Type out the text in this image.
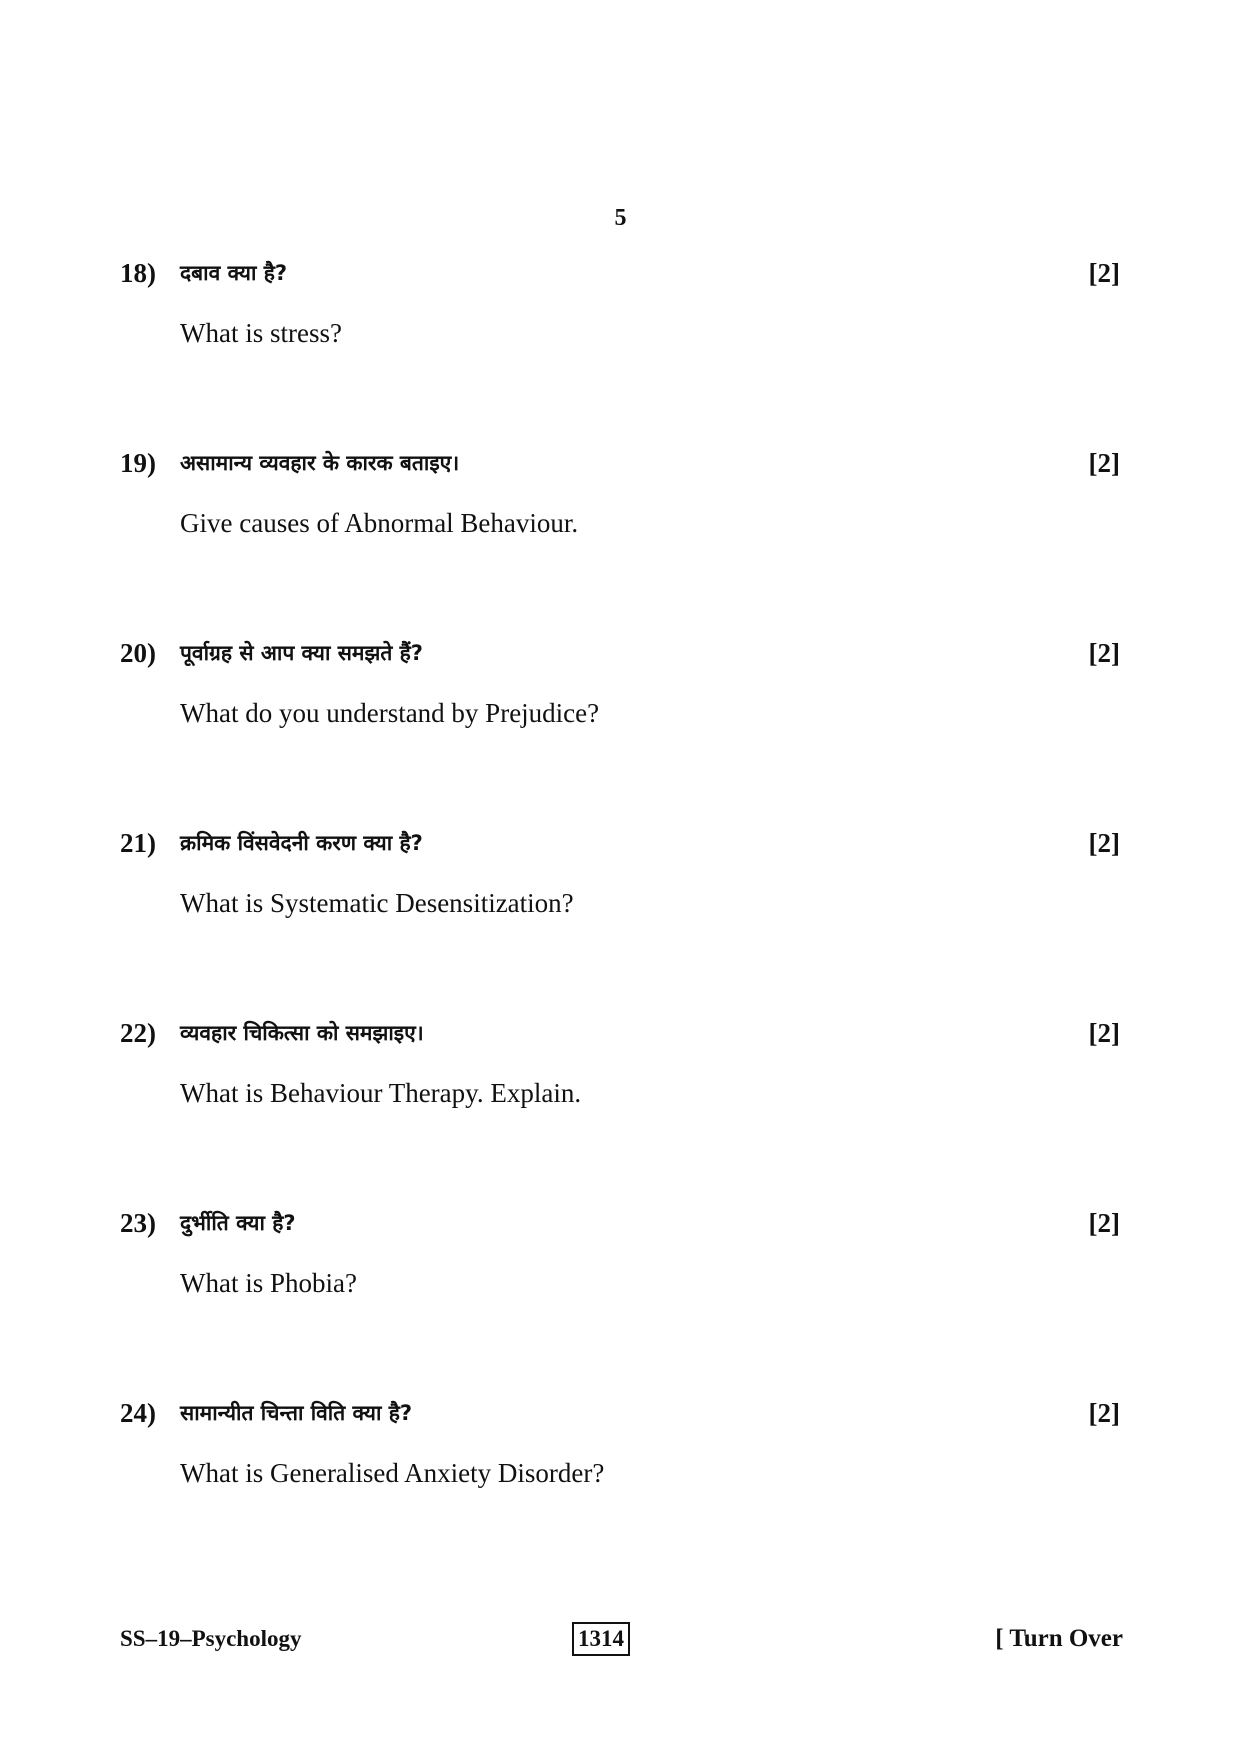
5
18) दबाव क्या है?	[2]
What is stress?
19) असामान्य व्यवहार के कारक बताइए।	[2]
Give causes of Abnormal Behaviour.
20) पूर्वाग्रह से आप क्या समझते हैं?	[2]
What do you understand by Prejudice?
21) क्रमिक विंसवेदनी करण क्या है?	[2]
What is Systematic Desensitization?
22) व्यवहार चिकित्सा को समझाइए।	[2]
What is Behaviour Therapy. Explain.
23) दुर्भीति क्या है?	[2]
What is Phobia?
24) सामान्यीत चिन्ता विति क्या है?	[2]
What is Generalised Anxiety Disorder?
SS–19–Psychology	1314	[ Turn Over
